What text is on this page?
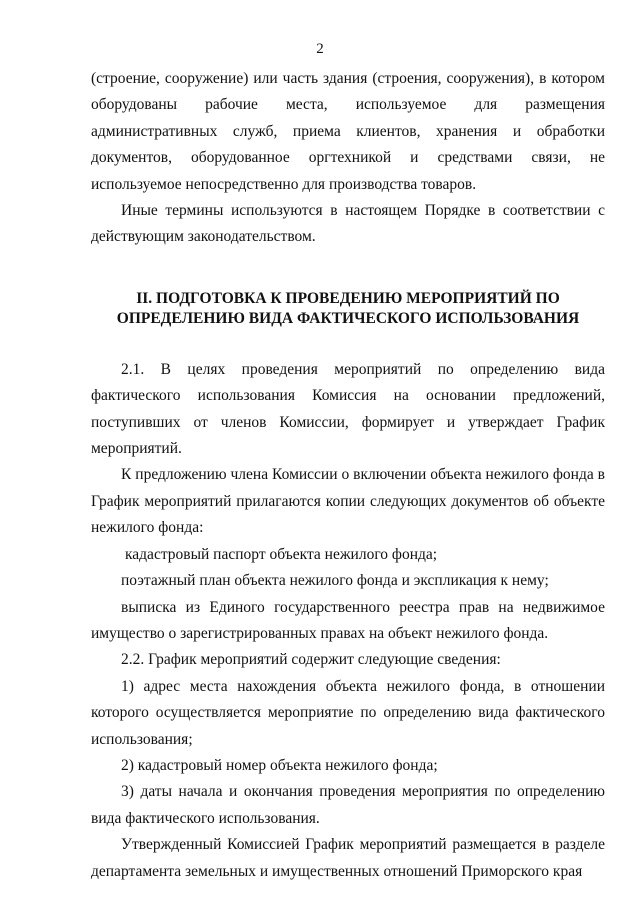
2

(строение, сооружение) или часть здания (строения, сооружения), в котором оборудованы рабочие места, используемое для размещения административных служб, приема клиентов, хранения и обработки документов, оборудованное оргтехникой и средствами связи, не используемое непосредственно для производства товаров.

Иные термины используются в настоящем Порядке в соответствии с действующим законодательством.

II. ПОДГОТОВКА К ПРОВЕДЕНИЮ МЕРОПРИЯТИЙ ПО
ОПРЕДЕЛЕНИЮ ВИДА ФАКТИЧЕСКОГО ИСПОЛЬЗОВАНИЯ

2.1. В целях проведения мероприятий по определению вида фактического использования Комиссия на основании предложений, поступивших от членов Комиссии, формирует и утверждает График мероприятий.

К предложению члена Комиссии о включении объекта нежилого фонда в График мероприятий прилагаются копии следующих документов об объекте нежилого фонда:

кадастровый паспорт объекта нежилого фонда;

поэтажный план объекта нежилого фонда и экспликация к нему;

выписка из Единого государственного реестра прав на недвижимое имущество о зарегистрированных правах на объект нежилого фонда.

2.2. График мероприятий содержит следующие сведения:

1) адрес места нахождения объекта нежилого фонда, в отношении которого осуществляется мероприятие по определению вида фактического использования;

2) кадастровый номер объекта нежилого фонда;

3) даты начала и окончания проведения мероприятия по определению вида фактического использования.

Утвержденный Комиссией График мероприятий размещается в разделе департамента земельных и имущественных отношений Приморского края
